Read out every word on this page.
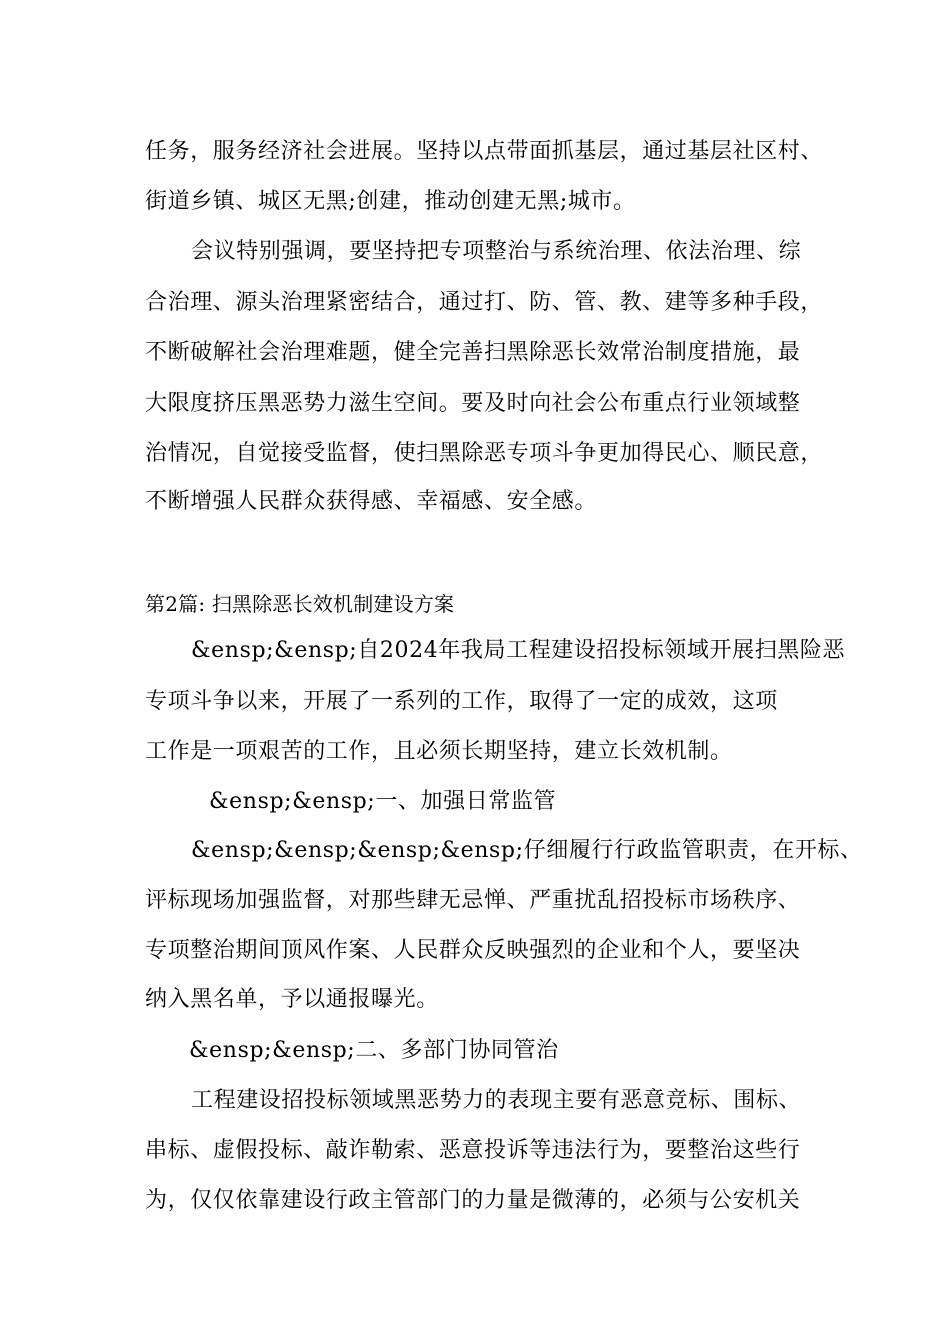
任务，服务经济社会进展。坚持以点带面抓基层，通过基层社区村、
街道乡镇、城区无黑;创建，推动创建无黑;城市。
会议特别强调，要坚持把专项整治与系统治理、依法治理、综
合治理、源头治理紧密结合，通过打、防、管、教、建等多种手段，
不断破解社会治理难题，健全完善扫黑除恶长效常治制度措施，最
大限度挤压黑恶势力滋生空间。要及时向社会公布重点行业领域整
治情况，自觉接受监督，使扫黑除恶专项斗争更加得民心、顺民意，
不断增强人民群众获得感、幸福感、安全感。
第2篇: 扫黑除恶长效机制建设方案
&ensp;&ensp;自2024年我局工程建设招投标领域开展扫黑险恶
专项斗争以来，开展了一系列的工作，取得了一定的成效，这项
工作是一项艰苦的工作，且必须长期坚持，建立长效机制。
&ensp;&ensp;一、加强日常监管
&ensp;&ensp;&ensp;&ensp;仔细履行行政监管职责，在开标、
评标现场加强监督，对那些肆无忌惮、严重扰乱招投标市场秩序、
专项整治期间顶风作案、人民群众反映强烈的企业和个人，要坚决
纳入黑名单，予以通报曝光。
&ensp;&ensp;二、多部门协同管治
工程建设招投标领域黑恶势力的表现主要有恶意竞标、围标、
串标、虚假投标、敲诈勒索、恶意投诉等违法行为，要整治这些行
为，仅仅依靠建设行政主管部门的力量是微薄的，必须与公安机关
